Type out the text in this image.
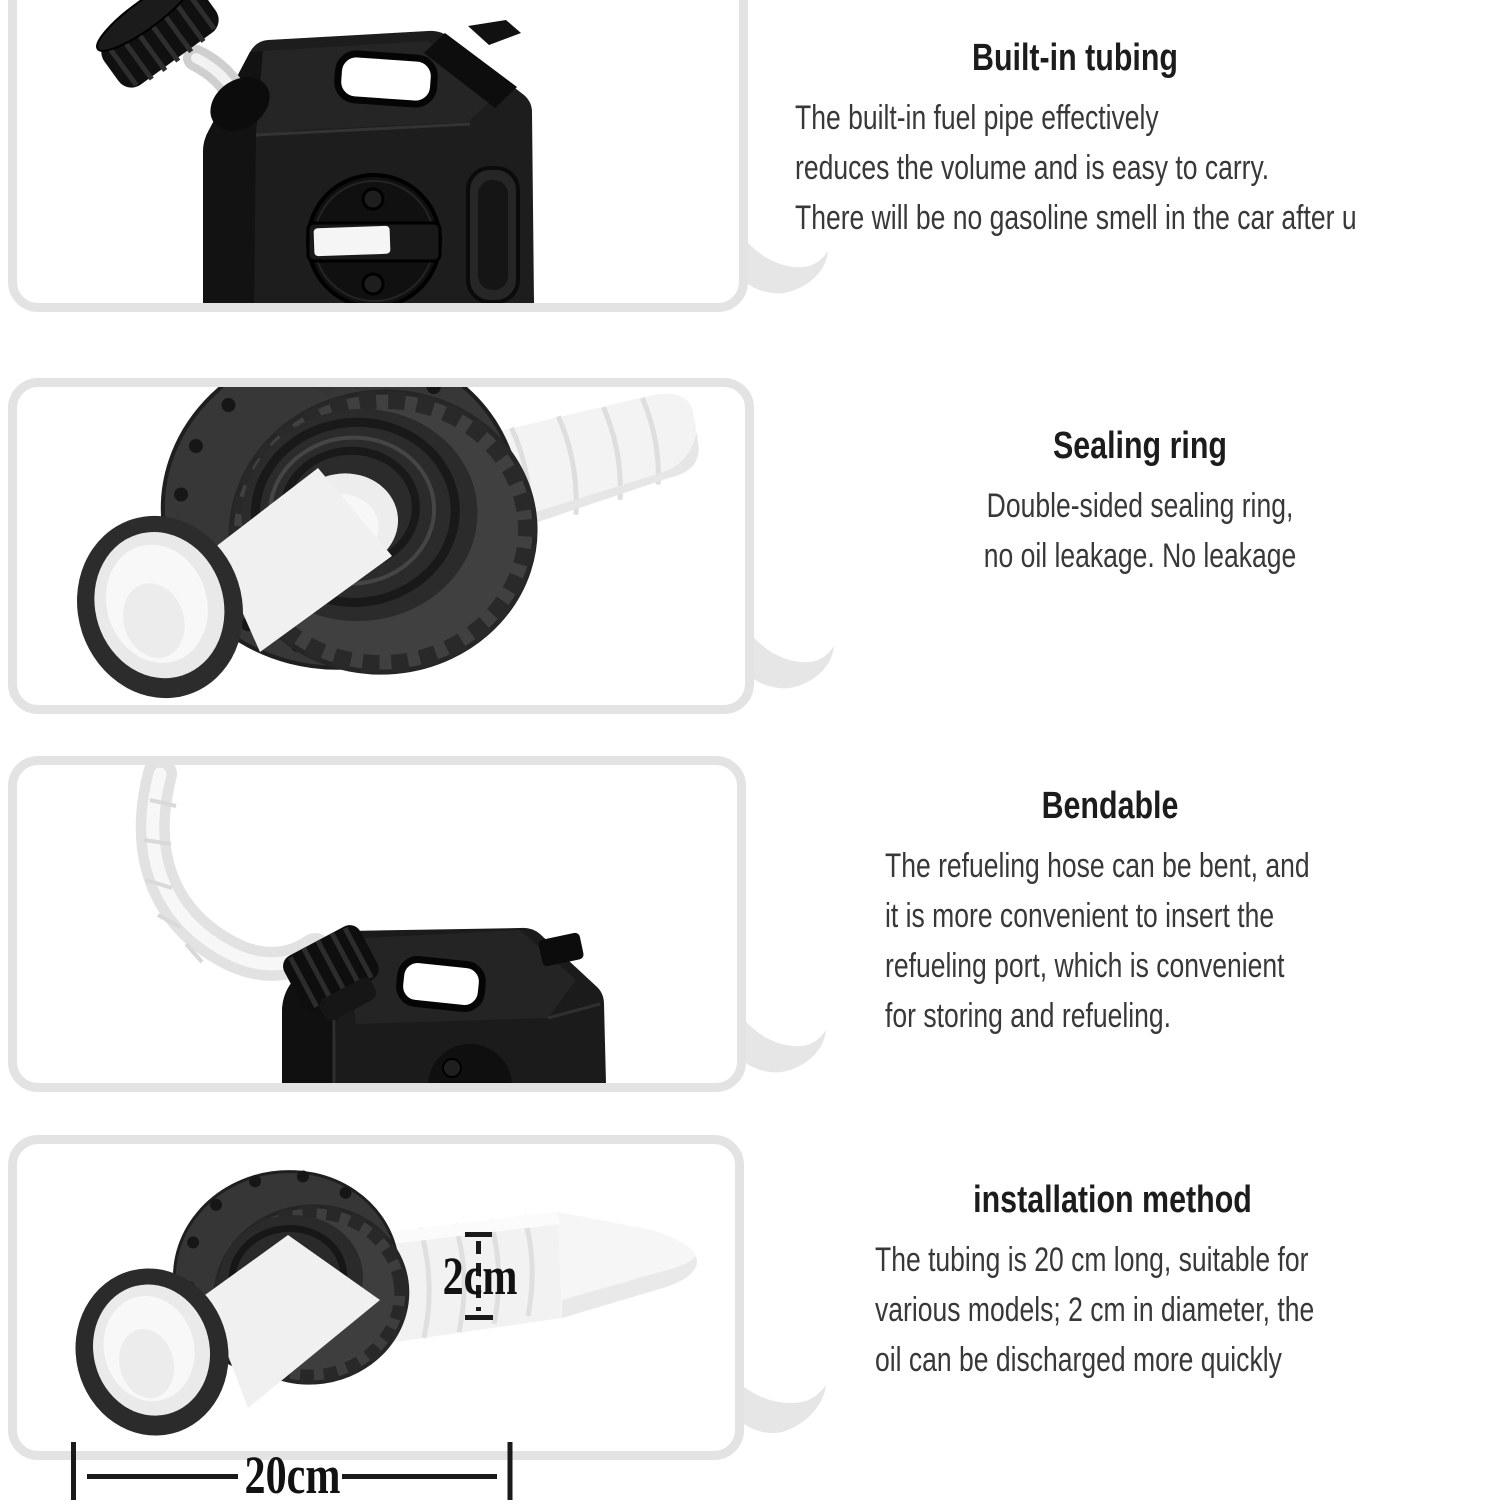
Built-in tubing
The built-in fuel pipe effectively
reduces the volume and is easy to carry.
There will be no gasoline smell in the car after u
Sealing ring
Double-sided sealing ring,
no oil leakage. No leakage
Bendable
The refueling hose can be bent, and
it is more convenient to insert the
refueling port, which is convenient
for storing and refueling.
installation method
The tubing is 20 cm long, suitable for
various models; 2 cm in diameter, the
oil can be discharged more quickly
2cm
20cm
